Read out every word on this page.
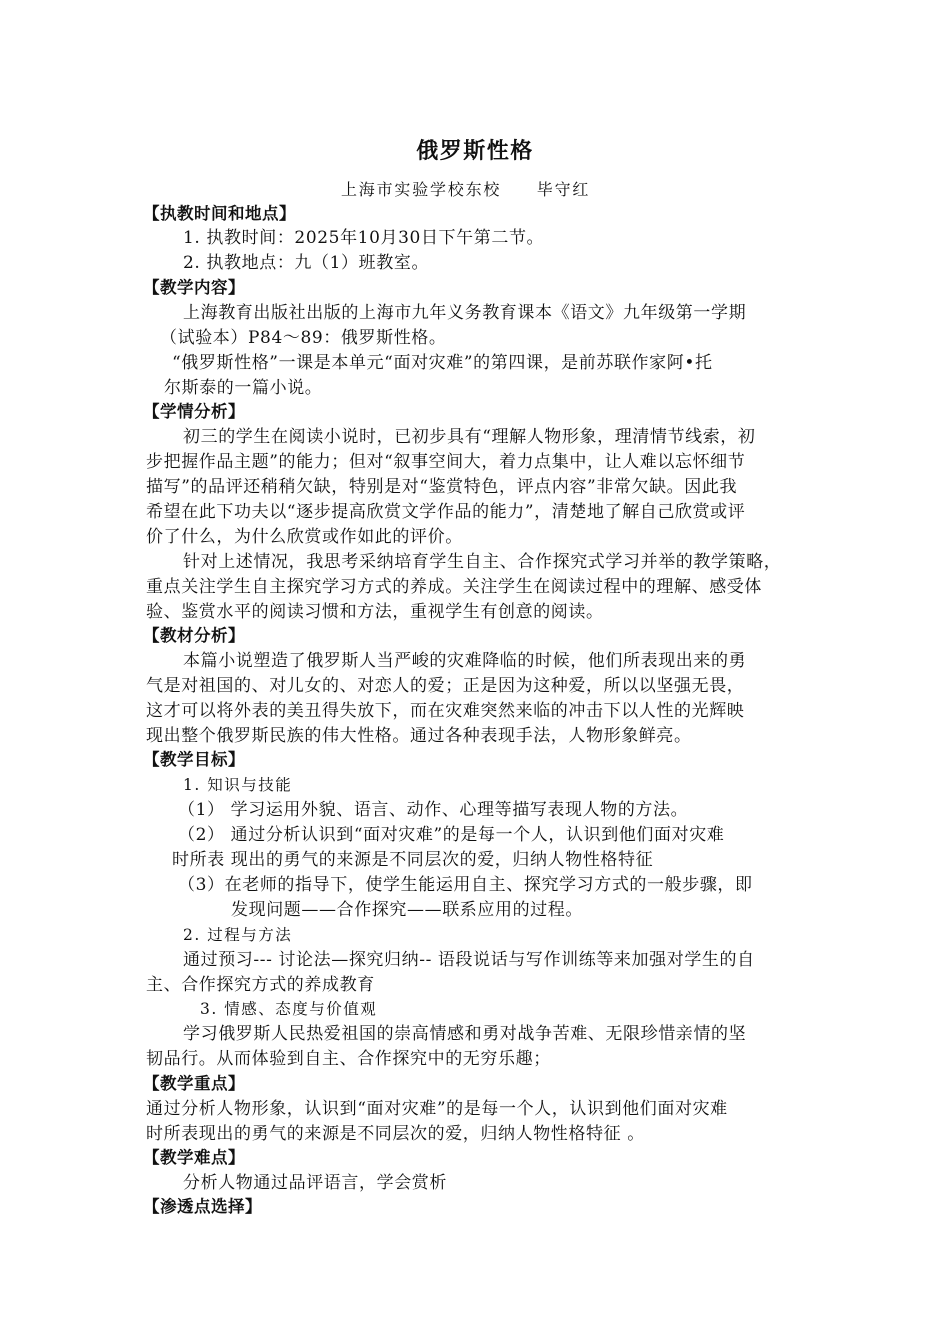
俄罗斯性格
上海市实验学校东校　　毕守红
【执教时间和地点】
1. 执教时间：2025年10月30日下午第二节。
2. 执教地点：九（1）班教室。
【教学内容】
上海教育出版社出版的上海市九年义务教育课本《语文》九年级第一学期
（试验本）P84～89：俄罗斯性格。
“俄罗斯性格”一课是本单元“面对灾难”的第四课，是前苏联作家阿•托
尔斯泰的一篇小说。
【学情分析】
初三的学生在阅读小说时，已初步具有“理解人物形象，理清情节线索，初
步把握作品主题”的能力；但对“叙事空间大，着力点集中，让人难以忘怀细节
描写”的品评还稍稍欠缺，特别是对“鉴赏特色，评点内容”非常欠缺。因此我
希望在此下功夫以“逐步提高欣赏文学作品的能力”，清楚地了解自己欣赏或评
价了什么，为什么欣赏或作如此的评价。
针对上述情况，我思考采纳培育学生自主、合作探究式学习并举的教学策略，
重点关注学生自主探究学习方式的养成。关注学生在阅读过程中的理解、感受体
验、鉴赏水平的阅读习惯和方法，重视学生有创意的阅读。
【教材分析】
本篇小说塑造了俄罗斯人当严峻的灾难降临的时候，他们所表现出来的勇
气是对祖国的、对儿女的、对恋人的爱；正是因为这种爱，所以以坚强无畏，
这才可以将外表的美丑得失放下，而在灾难突然来临的冲击下以人性的光辉映
现出整个俄罗斯民族的伟大性格。通过各种表现手法，人物形象鲜亮。
【教学目标】
1. 知识与技能
（1） 学习运用外貌、语言、动作、心理等描写表现人物的方法。
（2） 通过分析认识到“面对灾难”的是每一个人，认识到他们面对灾难
时所表 现出的勇气的来源是不同层次的爱，归纳人物性格特征
（3）在老师的指导下，使学生能运用自主、探究学习方式的一般步骤，即
发现问题——合作探究——联系应用的过程。
2. 过程与方法
通过预习--- 讨论法—探究归纳-- 语段说话与写作训练等来加强对学生的自
主、合作探究方式的养成教育
3. 情感、态度与价值观
学习俄罗斯人民热爱祖国的崇高情感和勇对战争苦难、无限珍惜亲情的坚
韧品行。从而体验到自主、合作探究中的无穷乐趣；
【教学重点】
通过分析人物形象，认识到“面对灾难”的是每一个人，认识到他们面对灾难
时所表现出的勇气的来源是不同层次的爱，归纳人物性格特征 。
【教学难点】
分析人物通过品评语言，学会赏析
【渗透点选择】
